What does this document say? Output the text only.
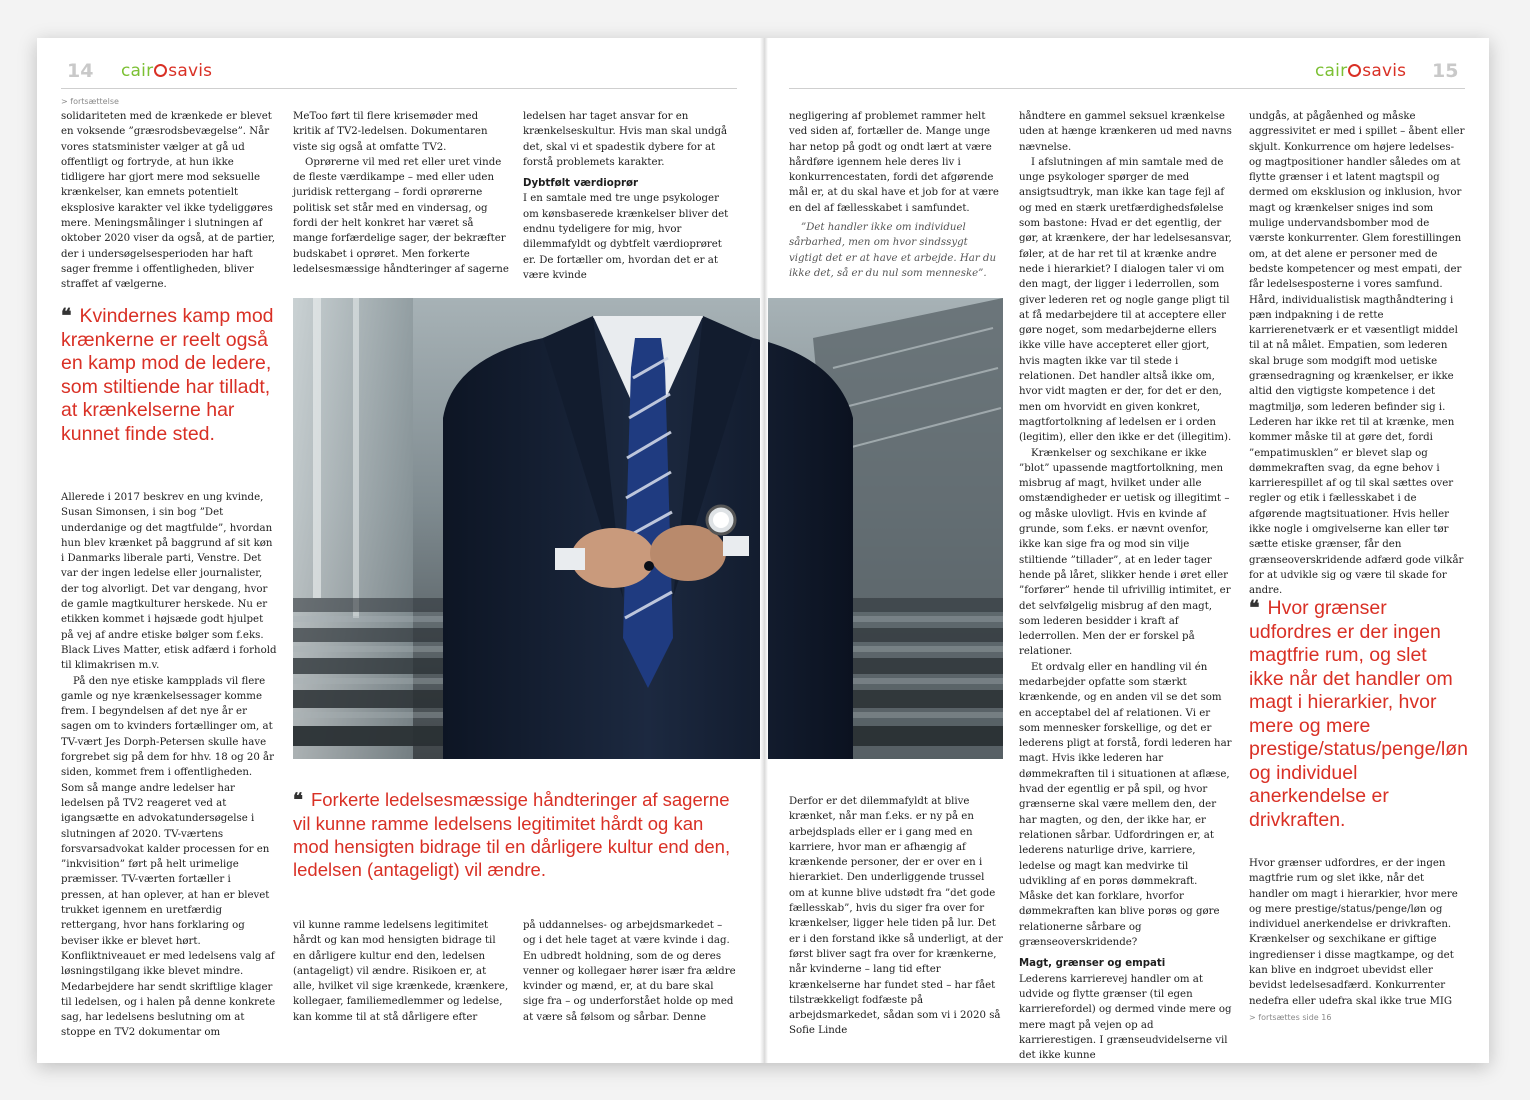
14 cair savis
> fortsættelse

solidariteten med de krænkede er blevet en voksende ”græsrodsbevægelse”. Når vores statsminister vælger at gå ud offentligt og fortryde, at hun ikke tidligere har gjort mere mod seksuelle krænkelser, kan emnets potentielt eksplosive karakter vel ikke tydeliggøres mere. Meningsmålinger i slutningen af oktober 2020 viser da også, at de partier, der i undersøgelsesperioden har haft sager fremme i offentligheden, bliver straffet af vælgerne.

❝ Kvindernes kamp mod krænkerne er reelt også en kamp mod de ledere, som stiltiende har tilladt, at krænkelserne har kunnet finde sted.

Allerede i 2017 beskrev en ung kvinde, Susan Simonsen, i sin bog ”Det underdanige og det magtfulde”, hvordan hun blev krænket på baggrund af sit køn i Danmarks liberale parti, Venstre. Det var der ingen ledelse eller journalister, der tog alvorligt. Det var dengang, hvor de gamle magtkulturer herskede. Nu er etikken kommet i højsæde godt hjulpet på vej af andre etiske bølger som f.eks. Black Lives Matter, etisk adfærd i forhold til klimakrisen m.v.

På den nye etiske kampplads vil flere gamle og nye krænkelsessager komme frem. I begyndelsen af det nye år er sagen om to kvinders fortællinger om, at TV-vært Jes Dorph-Petersen skulle have forgrebet sig på dem for hhv. 18 og 20 år siden, kommet frem i offentligheden. Som så mange andre ledelser har ledelsen på TV2 reageret ved at igangsætte en advokatundersøgelse i slutningen af 2020. TV-værtens forsvarsadvokat kalder processen for en ”inkvisition” ført på helt urimelige præmisser. TV-værten fortæller i pressen, at han oplever, at han er blevet trukket igennem en uretfærdig rettergang, hvor hans forklaring og beviser ikke er blevet hørt. Konfliktniveauet er med ledelsens valg af løsningstilgang ikke blevet mindre. Medarbejdere har sendt skriftlige klager til ledelsen, og i halen på denne konkrete sag, har ledelsens beslutning om at stoppe en TV2 dokumentar om

MeToo ført til flere krisemøder med kritik af TV2-ledelsen. Dokumentaren viste sig også at omfatte TV2.

Oprørerne vil med ret eller uret vinde de fleste værdikampe – med eller uden juridisk rettergang – fordi oprørerne politisk set står med en vindersag, og fordi der helt konkret har været så mange forfærdelige sager, der bekræfter budskabet i oprøret. Men forkerte ledelsesmæssige håndteringer af sagerne

ledelsen har taget ansvar for en krænkelseskultur. Hvis man skal undgå det, skal vi et spadestik dybere for at forstå problemets karakter.

Dybtfølt værdioprør

I en samtale med tre unge psykologer om kønsbaserede krænkelser bliver det endnu tydeligere for mig, hvor dilemmafyldt og dybtfelt værdioprøret er. De fortæller om, hvordan det er at være kvinde

❝ Forkerte ledelsesmæssige håndteringer af sagerne vil kunne ramme ledelsens legitimitet hårdt og kan mod hensigten bidrage til en dårligere kultur end den, ledelsen (antageligt) vil ændre.

vil kunne ramme ledelsens legitimitet hårdt og kan mod hensigten bidrage til en dårligere kultur end den, ledelsen (antageligt) vil ændre. Risikoen er, at alle, hvilket vil sige krænkede, krænkere, kollegaer, familiemedlemmer og ledelse, kan komme til at stå dårligere efter

på uddannelses- og arbejdsmarkedet – og i det hele taget at være kvinde i dag. En udbredt holdning, som de og deres venner og kollegaer hører især fra ældre kvinder og mænd, er, at du bare skal sige fra – og underforstået holde op med at være så følsom og sårbar. Denne

cair savis 15

negligering af problemet rammer helt ved siden af, fortæller de. Mange unge har netop på godt og ondt lært at være hårdføre igennem hele deres liv i konkurrencestaten, fordi det afgørende mål er, at du skal have et job for at være en del af fællesskabet i samfundet.

”Det handler ikke om individuel sårbarhed, men om hvor sindssygt vigtigt det er at have et arbejde. Har du ikke det, så er du nul som menneske”.

Derfor er det dilemmafyldt at blive krænket, når man f.eks. er ny på en arbejdsplads eller er i gang med en karriere, hvor man er afhængig af krænkende personer, der er over en i hierarkiet. Den underliggende trussel om at kunne blive udstødt fra ”det gode fællesskab”, hvis du siger fra over for krænkelser, ligger hele tiden på lur. Det er i den forstand ikke så underligt, at der først bliver sagt fra over for krænkerne, når kvinderne – lang tid efter krænkelserne har fundet sted – har fået tilstrækkeligt fodfæste på arbejdsmarkedet, sådan som vi i 2020 så Sofie Linde

håndtere en gammel seksuel krænkelse uden at hænge krænkeren ud med navns nævnelse.

I afslutningen af min samtale med de unge psykologer spørger de med ansigtsudtryk, man ikke kan tage fejl af og med en stærk uretfærdighedsfølelse som bastone: Hvad er det egentlig, der gør, at krænkere, der har ledelsesansvar, føler, at de har ret til at krænke andre nede i hierarkiet? I dialogen taler vi om den magt, der ligger i lederrollen, som giver lederen ret og nogle gange pligt til at få medarbejdere til at acceptere eller gøre noget, som medarbejderne ellers ikke ville have accepteret eller gjort, hvis magten ikke var til stede i relationen. Det handler altså ikke om, hvor vidt magten er der, for det er den, men om hvorvidt en given konkret, magtfortolkning af ledelsen er i orden (legitim), eller den ikke er det (illegitim).

Krænkelser og sexchikane er ikke ”blot” upassende magtfortolkning, men misbrug af magt, hvilket under alle omstændigheder er uetisk og illegitimt – og måske ulovligt. Hvis en kvinde af grunde, som f.eks. er nævnt ovenfor, ikke kan sige fra og mod sin vilje stiltiende ”tillader”, at en leder tager hende på låret, slikker hende i øret eller ”forfører” hende til ufrivillig intimitet, er det selvfølgelig misbrug af den magt, som lederen besidder i kraft af lederrollen. Men der er forskel på relationer.

Et ordvalg eller en handling vil én medarbejder opfatte som stærkt krænkende, og en anden vil se det som en acceptabel del af relationen. Vi er som mennesker forskellige, og det er lederens pligt at forstå, fordi lederen har magt. Hvis ikke lederen har dømmekraften til i situationen at aflæse, hvad der egentlig er på spil, og hvor grænserne skal være mellem den, der har magten, og den, der ikke har, er relationen sårbar. Udfordringen er, at lederens naturlige drive, karriere, ledelse og magt kan medvirke til udvikling af en porøs dømmekraft. Måske det kan forklare, hvorfor dømmekraften kan blive porøs og gøre relationerne sårbare og grænseoverskridende?

Magt, grænser og empati

Lederens karrierevej handler om at udvide og flytte grænser (til egen karrierefordel) og dermed vinde mere og mere magt på vejen op ad karrierestigen. I grænseudvidelserne vil det ikke kunne

undgås, at pågåenhed og måske aggressivitet er med i spillet – åbent eller skjult. Konkurrence om højere ledelses- og magtpositioner handler således om at flytte grænser i et latent magtspil og dermed om eksklusion og inklusion, hvor magt og krænkelser sniges ind som mulige undervandsbomber mod de værste konkurrenter. Glem forestillingen om, at det alene er personer med de bedste kompetencer og mest empati, der får ledelsesposterne i vores samfund. Hård, individualistisk magthåndtering i pæn indpakning i de rette karrierenetværk er et væsentligt middel til at nå målet. Empatien, som lederen skal bruge som modgift mod uetiske grænsedragning og krænkelser, er ikke altid den vigtigste kompetence i det magtmiljø, som lederen befinder sig i. Lederen har ikke ret til at krænke, men kommer måske til at gøre det, fordi ”empatimusklen” er blevet slap og dømmekraften svag, da egne behov i karrierespillet af og til skal sættes over regler og etik i fællesskabet i de afgørende magtsituationer. Hvis heller ikke nogle i omgivelserne kan eller tør sætte etiske grænser, får den grænseoverskridende adfærd gode vilkår for at udvikle sig og være til skade for andre.

❝ Hvor grænser udfordres er der ingen magtfrie rum, og slet ikke når det handler om magt i hierarkier, hvor mere og mere prestige/status/penge/løn og individuel anerkendelse er drivkraften.

Hvor grænser udfordres, er der ingen magtfrie rum og slet ikke, når det handler om magt i hierarkier, hvor mere og mere prestige/status/penge/løn og individuel anerkendelse er drivkraften. Krænkelser og sexchikane er giftige ingredienser i disse magtkampe, og det kan blive en indgroet ubevidst eller bevidst ledelsesadfærd. Konkurrenter nedefra eller udefra skal ikke true MIG

> fortsættes side 16
